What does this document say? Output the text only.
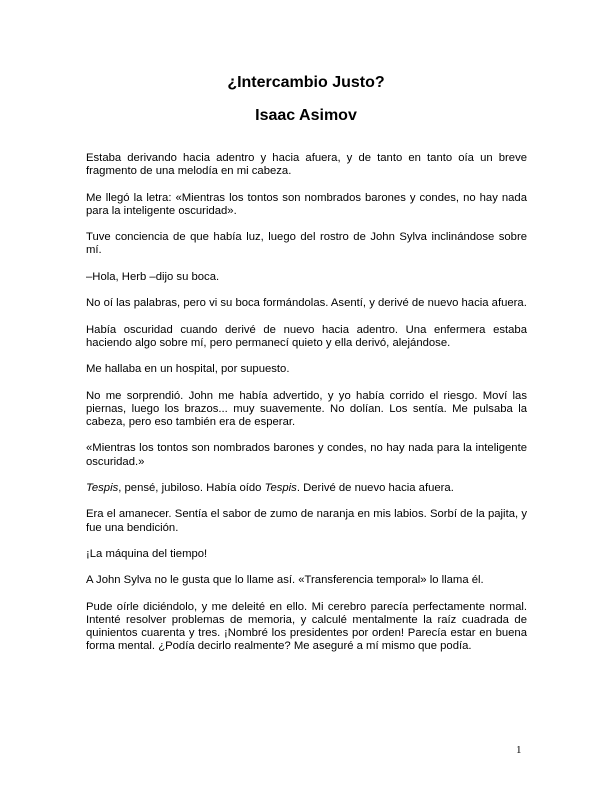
¿Intercambio Justo?
Isaac Asimov

Estaba derivando hacia adentro y hacia afuera, y de tanto en tanto oía un breve fragmento de una melodía en mi cabeza.

Me llegó la letra: «Mientras los tontos son nombrados barones y condes, no hay nada para la inteligente oscuridad».

Tuve conciencia de que había luz, luego del rostro de John Sylva inclinándose sobre mí.

–Hola, Herb –dijo su boca.

No oí las palabras, pero vi su boca formándolas. Asentí, y derivé de nuevo hacia afuera.

Había oscuridad cuando derivé de nuevo hacia adentro. Una enfermera estaba haciendo algo sobre mí, pero permanecí quieto y ella derivó, alejándose.

Me hallaba en un hospital, por supuesto.

No me sorprendió. John me había advertido, y yo había corrido el riesgo. Moví las piernas, luego los brazos... muy suavemente. No dolían. Los sentía. Me pulsaba la cabeza, pero eso también era de esperar.

«Mientras los tontos son nombrados barones y condes, no hay nada para la inteligente oscuridad.»

Tespis, pensé, jubiloso. Había oído Tespis. Derivé de nuevo hacia afuera.

Era el amanecer. Sentía el sabor de zumo de naranja en mis labios. Sorbí de la pajita, y fue una bendición.

¡La máquina del tiempo!

A John Sylva no le gusta que lo llame así. «Transferencia temporal» lo llama él.

Pude oírle diciéndolo, y me deleité en ello. Mi cerebro parecía perfectamente normal. Intenté resolver problemas de memoria, y calculé mentalmente la raíz cuadrada de quinientos cuarenta y tres. ¡Nombré los presidentes por orden! Parecía estar en buena forma mental. ¿Podía decirlo realmente? Me aseguré a mí mismo que podía.

1
